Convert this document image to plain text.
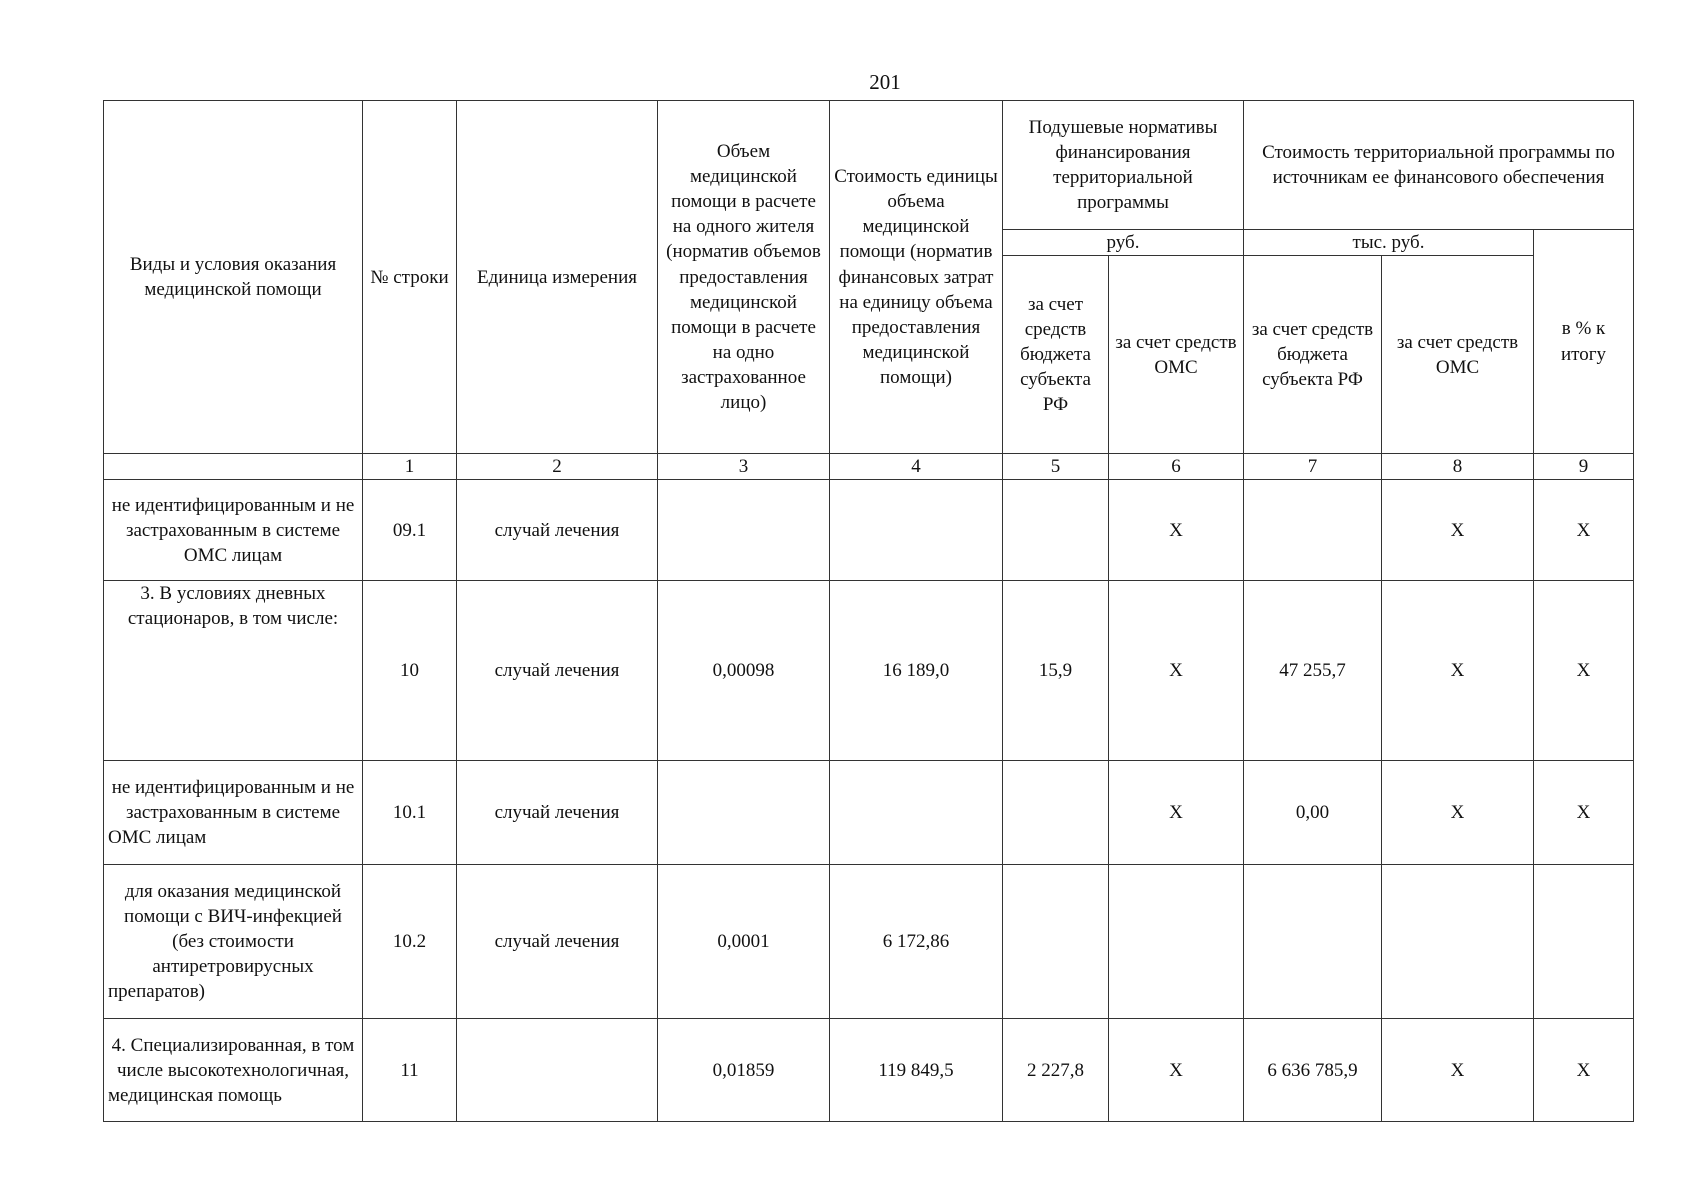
201
Виды и условия оказания медицинской помощи	№ строки	Единица измерения	Объем медицинской помощи в расчете на одного жителя (норматив объемов предоставления медицинской помощи в расчете на одно застрахованное лицо)	Стоимость единицы объема медицинской помощи (норматив финансовых затрат на единицу объема предоставления медицинской помощи)	Подушевые нормативы финансирования территориальной программы		Стоимость территориальной программы по источникам ее финансового обеспечения		
					руб.		тыс. руб.		в % к итогу
					за счет средств бюджета субъекта РФ	за счет средств ОМС	за счет средств бюджета субъекта РФ	за счет средств ОМС	
	1	2	3	4	5	6	7	8	9
не идентифицированным и не застрахованным в системе ОМС лицам	09.1	случай лечения				X		X	X
3. В условиях дневных стационаров, в том числе:	10	случай лечения	0,00098	16 189,0	15,9	X	47 255,7	X	X
не идентифицированным и не застрахованным в системе ОМС лицам	10.1	случай лечения				X	0,00	X	X
для оказания медицинской помощи с ВИЧ-инфекцией (без стоимости антиретровирусных препаратов)	10.2	случай лечения	0,0001	6 172,86					
4. Специализированная, в том числе высокотехнологичная, медицинская помощь	11		0,01859	119 849,5	2 227,8	X	6 636 785,9	X	X
